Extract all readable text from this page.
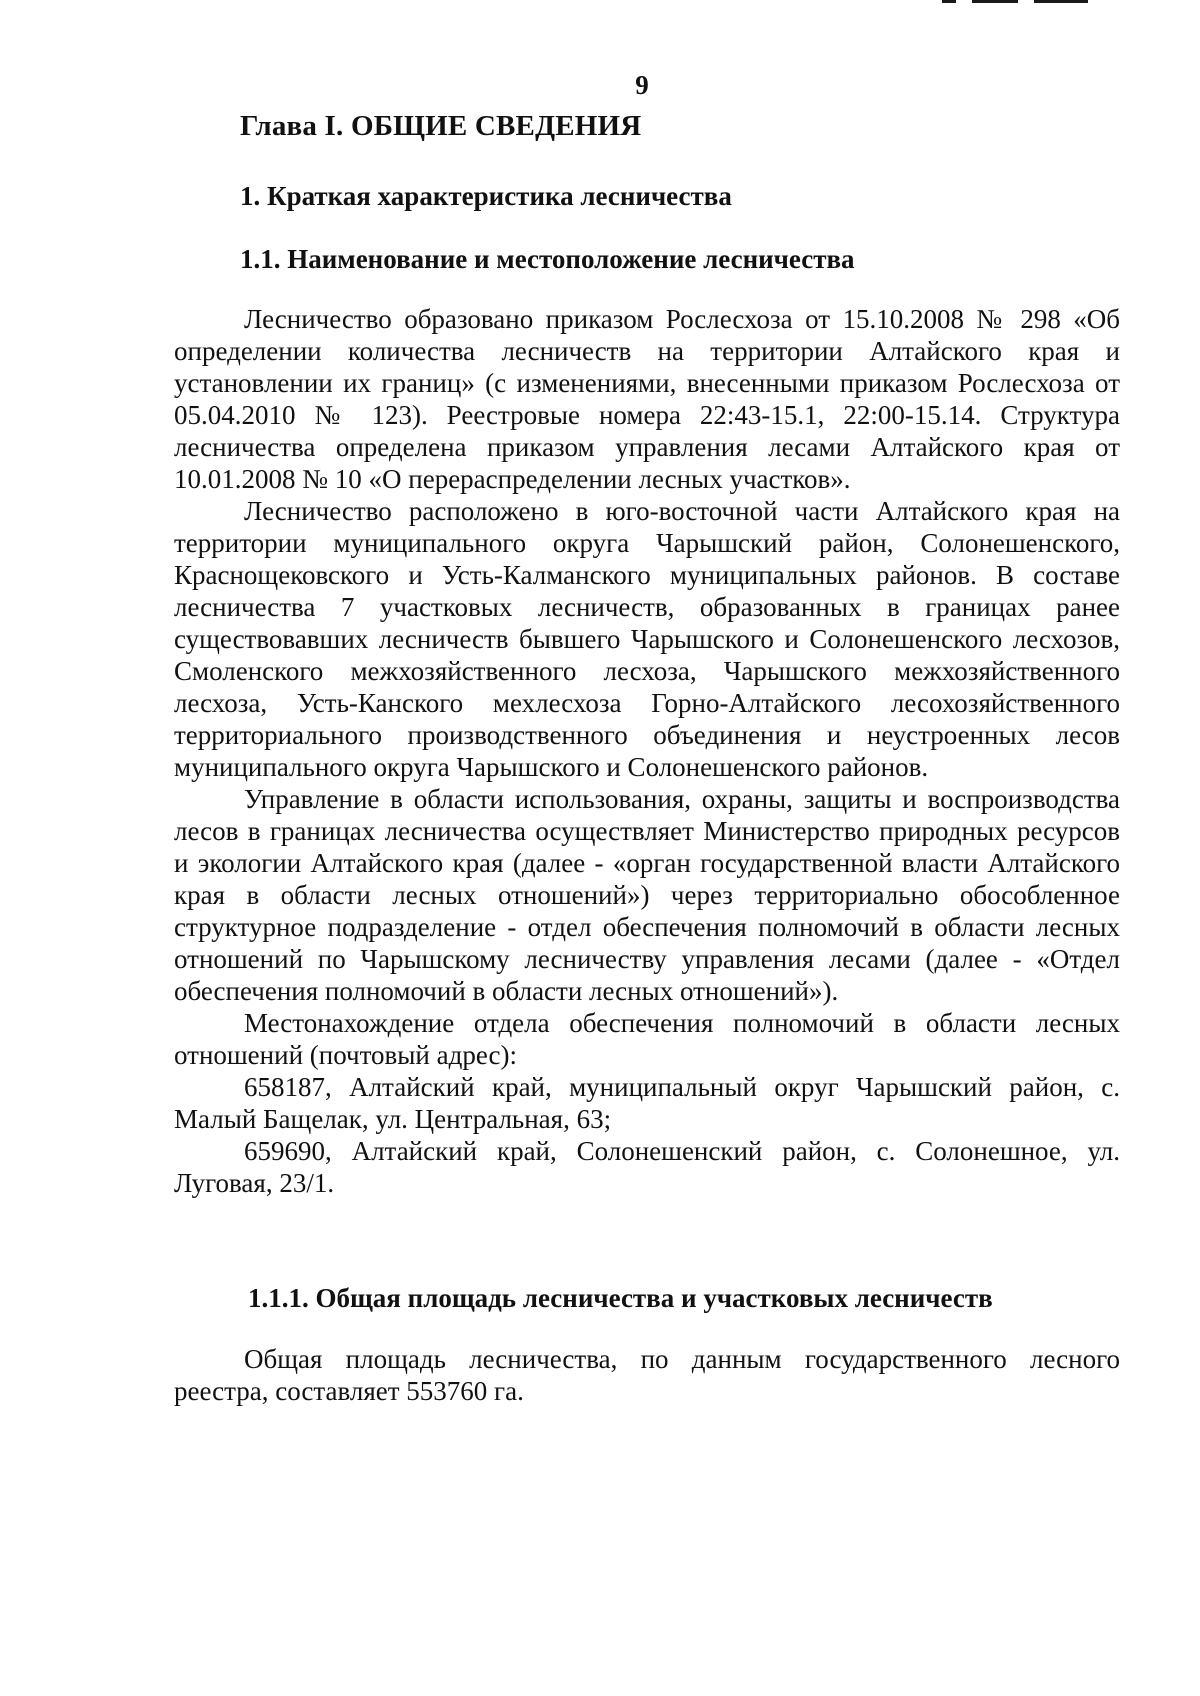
9
Глава I. ОБЩИЕ СВЕДЕНИЯ
1. Краткая характеристика лесничества
1.1. Наименование и местоположение лесничества

Лесничество образовано приказом Рослесхоза от 15.10.2008 № 298 «Об определении количества лесничеств на территории Алтайского края и установлении их границ» (с изменениями, внесенными приказом Рослесхоза от 05.04.2010 № 123). Реестровые номера 22:43-15.1, 22:00-15.14. Структура лесничества определена приказом управления лесами Алтайского края от 10.01.2008 № 10 «О перераспределении лесных участков».

Лесничество расположено в юго-восточной части Алтайского края на территории муниципального округа Чарышский район, Солонешенского, Краснощековского и Усть-Калманского муниципальных районов. В составе лесничества 7 участковых лесничеств, образованных в границах ранее существовавших лесничеств бывшего Чарышского и Солонешенского лесхозов, Смоленского межхозяйственного лесхоза, Чарышского межхозяйственного лесхоза, Усть-Канского мехлесхоза Горно-Алтайского лесохозяйственного территориального производственного объединения и неустроенных лесов муниципального округа Чарышского и Солонешенского районов.

Управление в области использования, охраны, защиты и воспроизводства лесов в границах лесничества осуществляет Министерство природных ресурсов и экологии Алтайского края (далее - «орган государственной власти Алтайского края в области лесных отношений») через территориально обособленное структурное подразделение - отдел обеспечения полномочий в области лесных отношений по Чарышскому лесничеству управления лесами (далее - «Отдел обеспечения полномочий в области лесных отношений»).

Местонахождение отдела обеспечения полномочий в области лесных отношений (почтовый адрес):

658187, Алтайский край, муниципальный округ Чарышский район, с. Малый Бащелак, ул. Центральная, 63;

659690, Алтайский край, Солонешенский район, с. Солонешное, ул. Луговая, 23/1.

1.1.1. Общая площадь лесничества и участковых лесничеств

Общая площадь лесничества, по данным государственного лесного реестра, составляет 553760 га.
